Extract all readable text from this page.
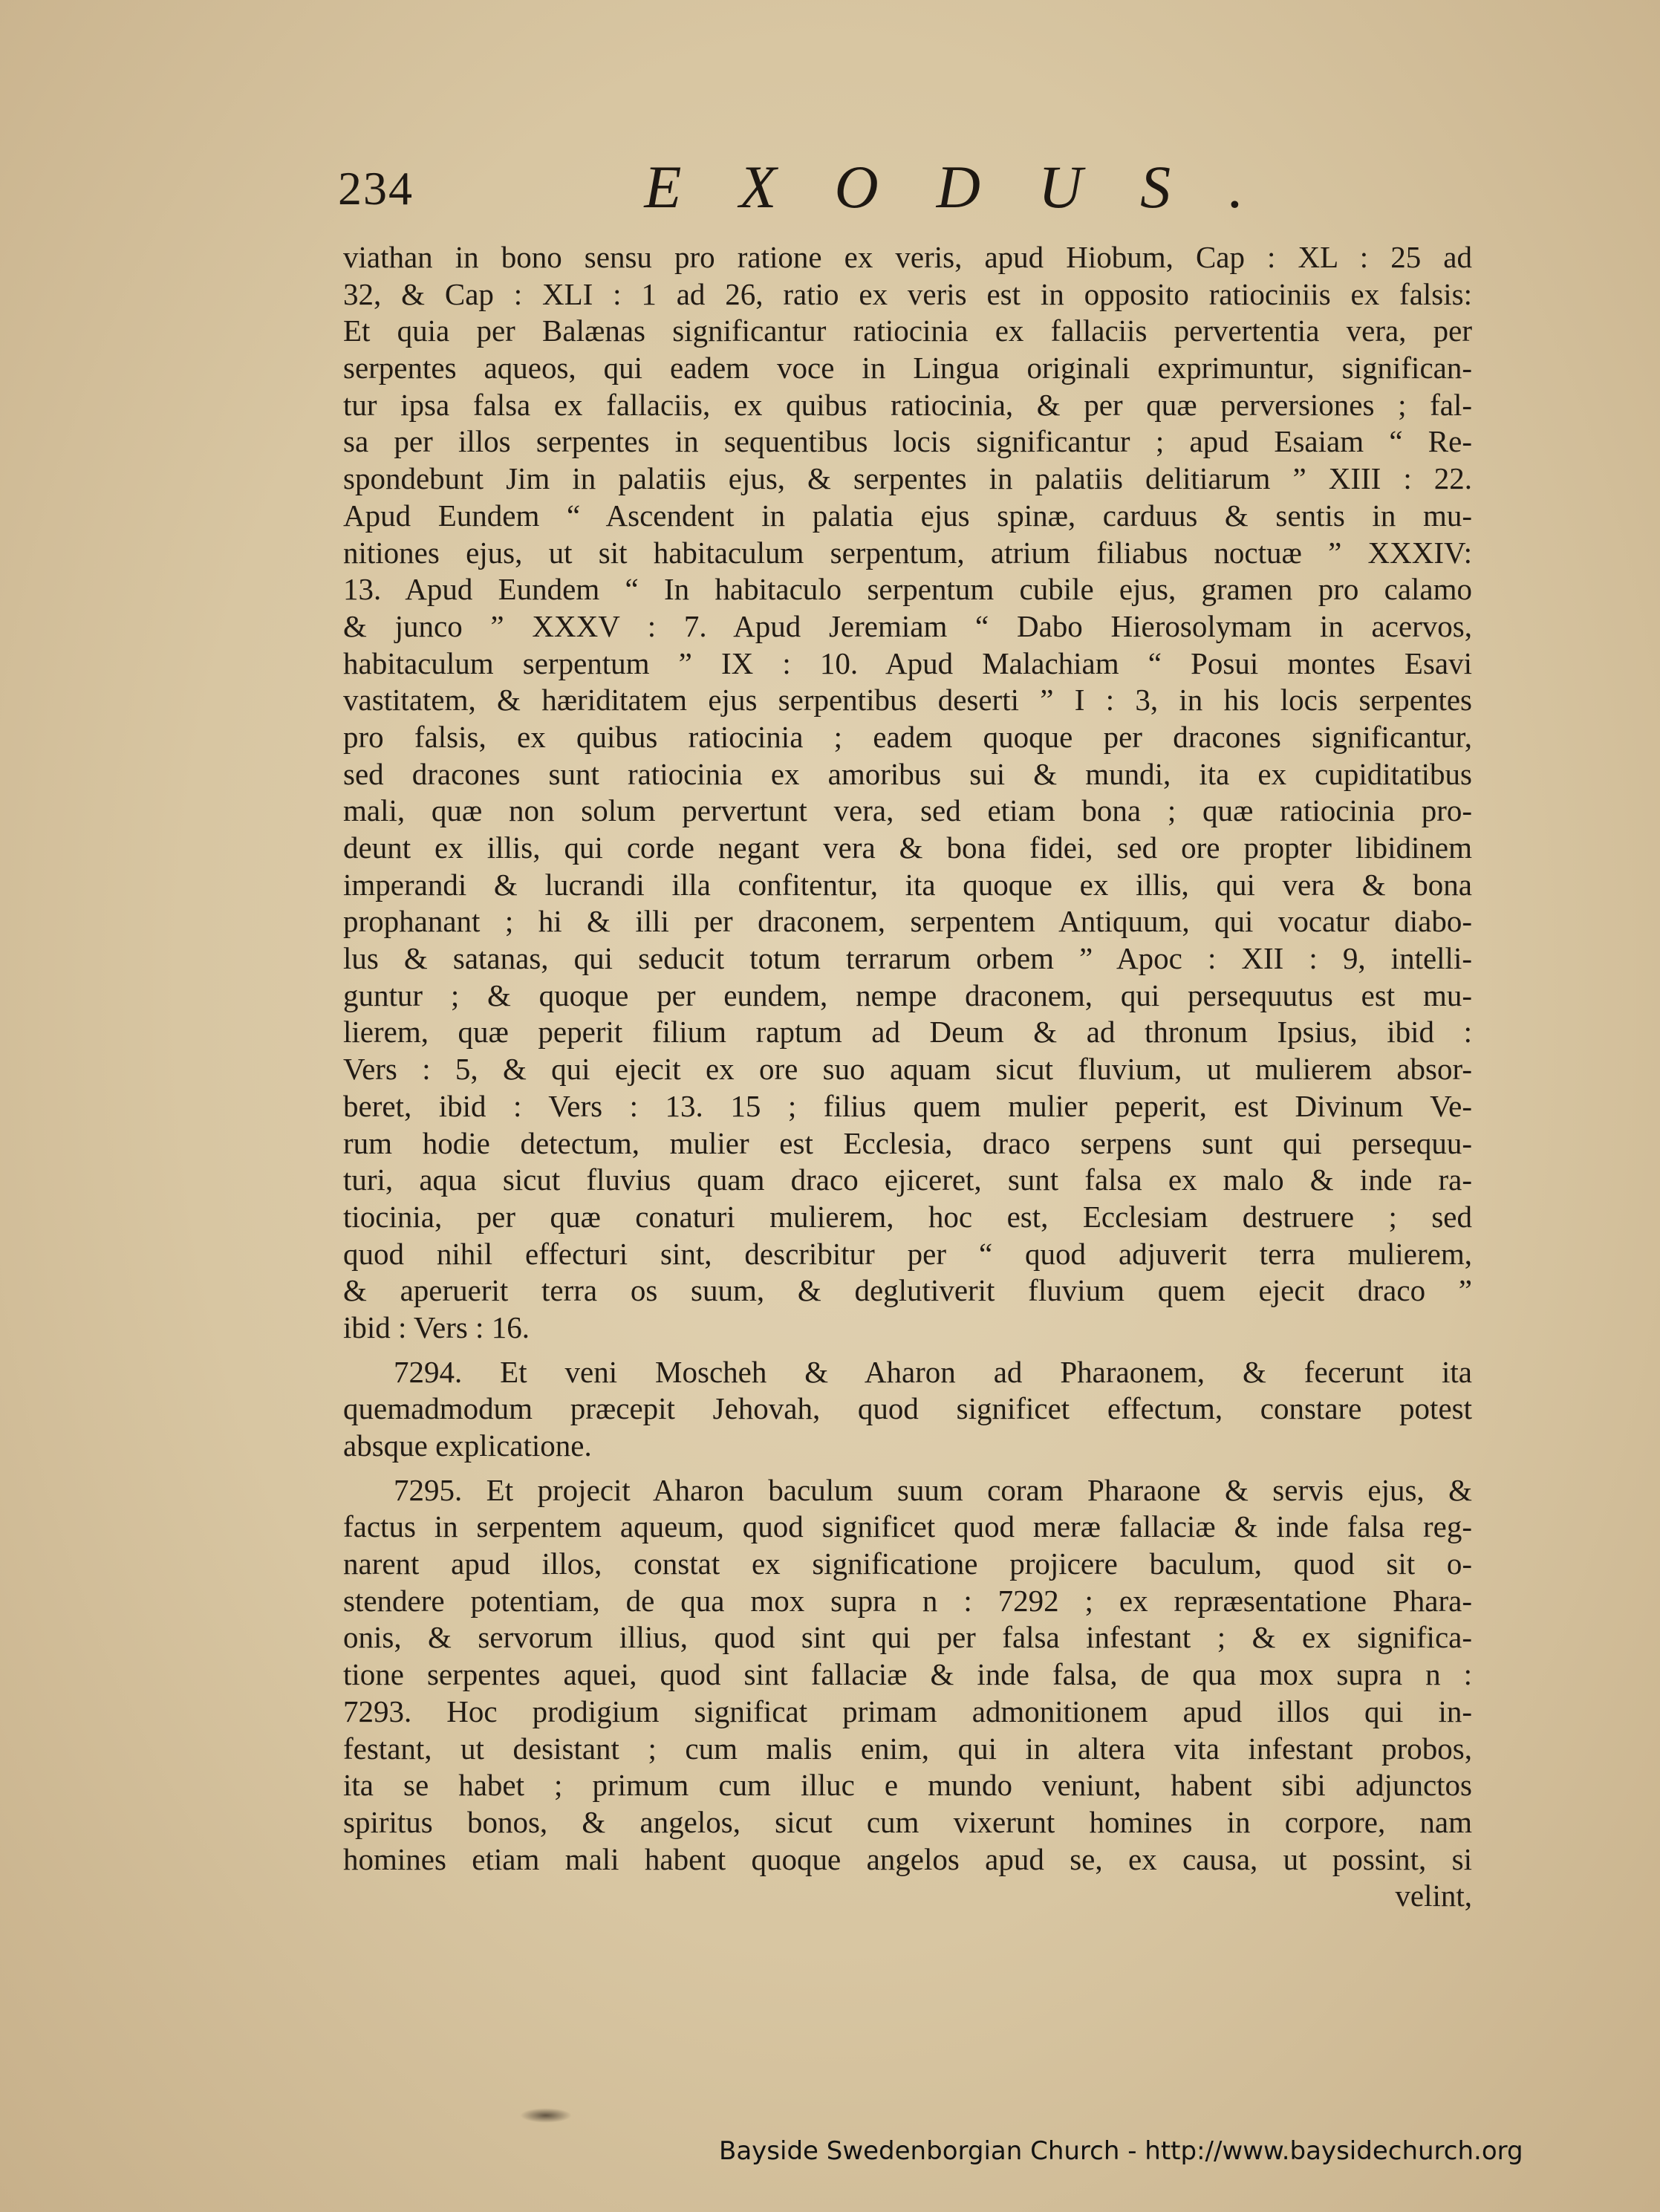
234	EXODUS.
viathan in bono sensu pro ratione ex veris, apud Hiobum, Cap : XL : 25 ad
32, & Cap : XLI : 1 ad 26, ratio ex veris est in opposito ratiociniis ex falsis:
Et quia per Balænas significantur ratiocinia ex fallaciis pervertentia vera, per
serpentes aqueos, qui eadem voce in Lingua originali exprimuntur, significan-
tur ipsa falsa ex fallaciis, ex quibus ratiocinia, & per quæ perversiones ; fal-
sa per illos serpentes in sequentibus locis significantur ; apud Esaiam “ Re-
spondebunt Jim in palatiis ejus, & serpentes in palatiis delitiarum ” XIII : 22.
Apud Eundem “ Ascendent in palatia ejus spinæ, carduus & sentis in mu-
nitiones ejus, ut sit habitaculum serpentum, atrium filiabus noctuæ ” XXXIV:
13. Apud Eundem “ In habitaculo serpentum cubile ejus, gramen pro calamo
& junco ” XXXV : 7. Apud Jeremiam “ Dabo Hierosolymam in acervos,
habitaculum serpentum ” IX : 10. Apud Malachiam “ Posui montes Esavi
vastitatem, & hæriditatem ejus serpentibus deserti ” I : 3, in his locis serpentes
pro falsis, ex quibus ratiocinia ; eadem quoque per dracones significantur,
sed dracones sunt ratiocinia ex amoribus sui & mundi, ita ex cupiditatibus
mali, quæ non solum pervertunt vera, sed etiam bona ; quæ ratiocinia pro-
deunt ex illis, qui corde negant vera & bona fidei, sed ore propter libidinem
imperandi & lucrandi illa confitentur, ita quoque ex illis, qui vera & bona
prophanant ; hi & illi per draconem, serpentem Antiquum, qui vocatur diabo-
lus & satanas, qui seducit totum terrarum orbem ” Apoc : XII : 9, intelli-
guntur ; & quoque per eundem, nempe draconem, qui persequutus est mu-
lierem, quæ peperit filium raptum ad Deum & ad thronum Ipsius, ibid :
Vers : 5, & qui ejecit ex ore suo aquam sicut fluvium, ut mulierem absor-
beret, ibid : Vers : 13. 15 ; filius quem mulier peperit, est Divinum Ve-
rum hodie detectum, mulier est Ecclesia, draco serpens sunt qui persequu-
turi, aqua sicut fluvius quam draco ejiceret, sunt falsa ex malo & inde ra-
tiocinia, per quæ conaturi mulierem, hoc est, Ecclesiam destruere ; sed
quod nihil effecturi sint, describitur per “ quod adjuverit terra mulierem,
& aperuerit terra os suum, & deglutiverit fluvium quem ejecit draco ”
ibid : Vers : 16.
7294. Et veni Moscheh & Aharon ad Pharaonem, & fecerunt ita
quemadmodum præcepit Jehovah, quod significet effectum, constare potest
absque explicatione.
7295. Et projecit Aharon baculum suum coram Pharaone & servis ejus, &
factus in serpentem aqueum, quod significet quod meræ fallaciæ & inde falsa reg-
narent apud illos, constat ex significatione projicere baculum, quod sit o-
stendere potentiam, de qua mox supra n : 7292 ; ex repræsentatione Phara-
onis, & servorum illius, quod sint qui per falsa infestant ; & ex significa-
tione serpentes aquei, quod sint fallaciæ & inde falsa, de qua mox supra n :
7293. Hoc prodigium significat primam admonitionem apud illos qui in-
festant, ut desistant ; cum malis enim, qui in altera vita infestant probos,
ita se habet ; primum cum illuc e mundo veniunt, habent sibi adjunctos
spiritus bonos, & angelos, sicut cum vixerunt homines in corpore, nam
homines etiam mali habent quoque angelos apud se, ex causa, ut possint, si
velint,
Bayside Swedenborgian Church - http://www.baysidechurch.org
